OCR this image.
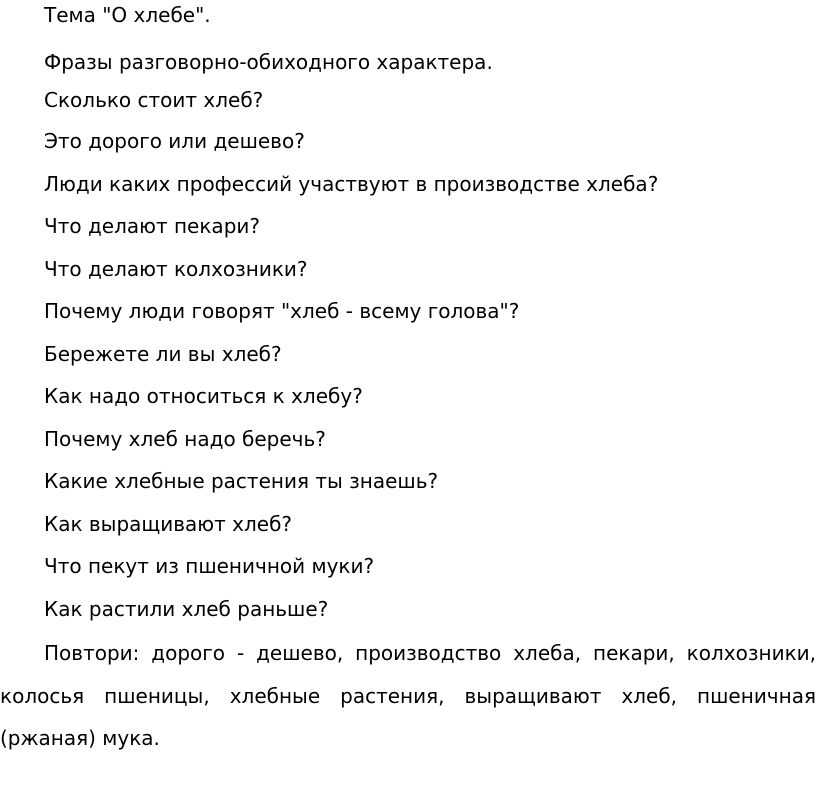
Тема "О хлебе".
Фразы разговорно-обиходного характера.
Сколько стоит хлеб?
Это дорого или дешево?
Люди каких профессий участвуют в производстве хлеба?
Что делают пекари?
Что делают колхозники?
Почему люди говорят "хлеб - всему голова"?
Бережете ли вы хлеб?
Как надо относиться к хлебу?
Почему хлеб надо беречь?
Какие хлебные растения ты знаешь?
Как выращивают хлеб?
Что пекут из пшеничной муки?
Как растили хлеб раньше?

Повтори: дорого - дешево, производство хлеба, пекари, колхозники, колосья пшеницы, хлебные растения, выращивают хлеб, пшеничная (ржаная) мука.
